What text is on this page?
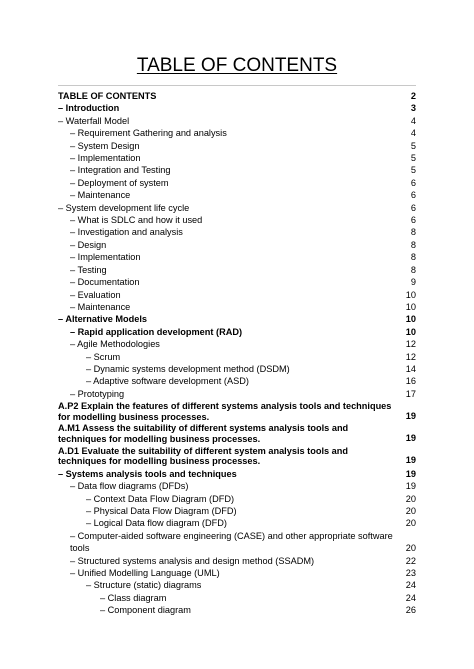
TABLE OF CONTENTS
TABLE OF CONTENTS	2
– Introduction	3
– Waterfall Model	4
– Requirement Gathering and analysis	4
– System Design	5
– Implementation	5
– Integration and Testing	5
– Deployment of system	6
– Maintenance	6
– System development life cycle	6
– What is SDLC and how it used	6
– Investigation and analysis	8
– Design	8
– Implementation	8
– Testing	8
– Documentation	9
– Evaluation	10
– Maintenance	10
– Alternative Models	10
– Rapid application development (RAD)	10
– Agile Methodologies	12
– Scrum	12
– Dynamic systems development method (DSDM)	14
– Adaptive software development (ASD)	16
– Prototyping	17
A.P2 Explain the features of different systems analysis tools and techniques for modelling business processes.	19
A.M1 Assess the suitability of different systems analysis tools and techniques for modelling business processes.	19
A.D1 Evaluate the suitability of different system analysis tools and techniques for modelling business processes.	19
– Systems analysis tools and techniques	19
– Data flow diagrams (DFDs)	19
– Context Data Flow Diagram (DFD)	20
– Physical Data Flow Diagram (DFD)	20
– Logical Data flow diagram (DFD)	20
– Computer-aided software engineering (CASE) and other appropriate software tools	20
– Structured systems analysis and design method (SSADM)	22
– Unified Modelling Language (UML)	23
– Structure (static) diagrams	24
– Class diagram	24
– Component diagram	26
